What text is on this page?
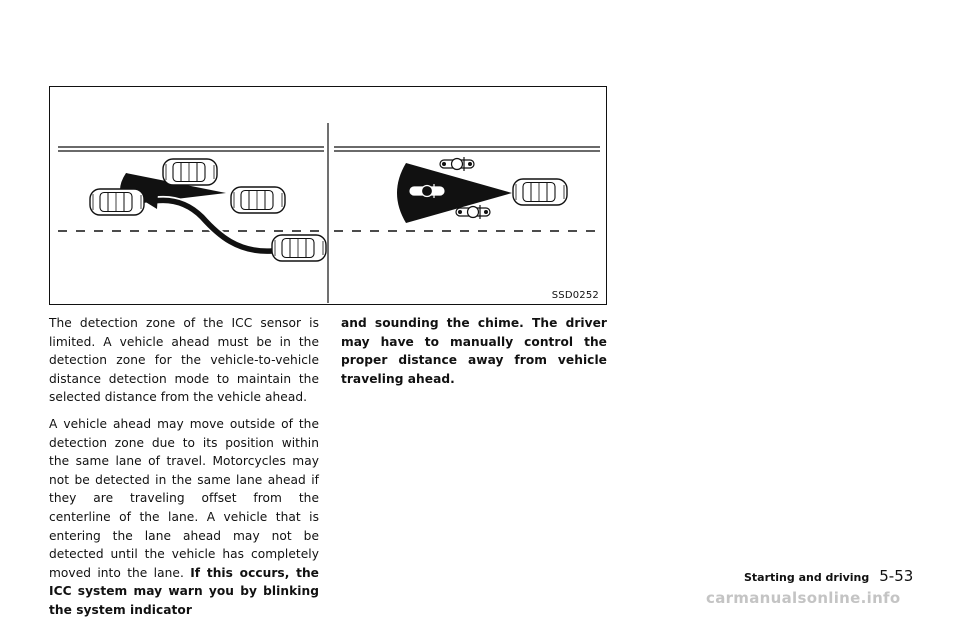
SSD0252

The detection zone of the ICC sensor is limited. A vehicle ahead must be in the detection zone for the vehicle-to-vehicle distance detection mode to maintain the selected distance from the vehicle ahead.

A vehicle ahead may move outside of the detection zone due to its position within the same lane of travel. Motorcycles may not be detected in the same lane ahead if they are traveling offset from the centerline of the lane. A vehicle that is entering the lane ahead may not be detected until the vehicle has completely moved into the lane. If this occurs, the ICC system may warn you by blinking the system indicator

and sounding the chime. The driver may have to manually control the proper distance away from vehicle traveling ahead.

Starting and driving 5-53
carmanualsonline.info
